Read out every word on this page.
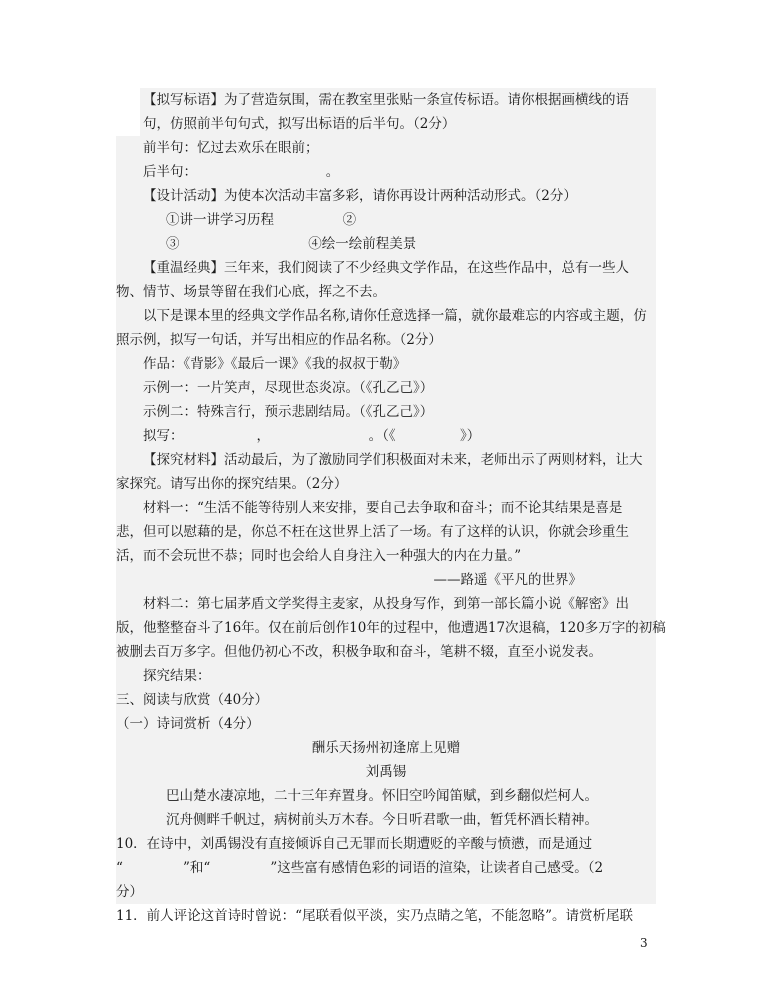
【拟写标语】为了营造氛围，需在教室里张贴一条宣传标语。请你根据画横线的语
句，仿照前半句句式，拟写出标语的后半句。（2分）
前半句：忆过去欢乐在眼前；
后半句：                              。
【设计活动】为使本次活动丰富多彩，请你再设计两种活动形式。（2分）
①讲一讲学习历程                ②
③                              ④绘一绘前程美景
【重温经典】三年来，我们阅读了不少经典文学作品，在这些作品中，总有一些人
物、情节、场景等留在我们心底，挥之不去。
以下是课本里的经典文学作品名称,请你任意选择一篇，就你最难忘的内容或主题，仿
照示例，拟写一句话，并写出相应的作品名称。（2分）
作品：《背影》《最后一课》《我的叔叔于勒》
示例一：一片笑声，尽现世态炎凉。（《孔乙己》）
示例二：特殊言行，预示悲剧结局。（《孔乙己》）
拟写：                 ，                       。（《               》）
【探究材料】活动最后，为了激励同学们积极面对未来，老师出示了两则材料，让大
家探究。请写出你的探究结果。（2分）
材料一：“生活不能等待别人来安排，要自己去争取和奋斗；而不论其结果是喜是
悲，但可以慰藉的是，你总不枉在这世界上活了一场。有了这样的认识，你就会珍重生
活，而不会玩世不恭；同时也会给人自身注入一种强大的内在力量。”
——路遥《平凡的世界》
材料二：第七届茅盾文学奖得主麦家，从投身写作，到第一部长篇小说《解密》出
版，他整整奋斗了16年。仅在前后创作10年的过程中，他遭遇17次退稿，120多万字的初稿
被删去百万多字。但他仍初心不改，积极争取和奋斗，笔耕不辍，直至小说发表。
探究结果：
三、阅读与欣赏（40分）
（一）诗词赏析（4分）
酬乐天扬州初逢席上见赠
刘禹锡
巴山楚水凄凉地，二十三年弃置身。怀旧空吟闻笛赋，到乡翻似烂柯人。
沉舟侧畔千帆过，病树前头万木春。今日听君歌一曲，暂凭杯酒长精神。
10．在诗中，刘禹锡没有直接倾诉自己无罪而长期遭贬的辛酸与愤懑，而是通过
“              ”和“              ”这些富有感情色彩的词语的渲染，让读者自己感受。（2
分）
11．前人评论这首诗时曾说：“尾联看似平淡，实乃点睛之笔，不能忽略”。请赏析尾联
3
